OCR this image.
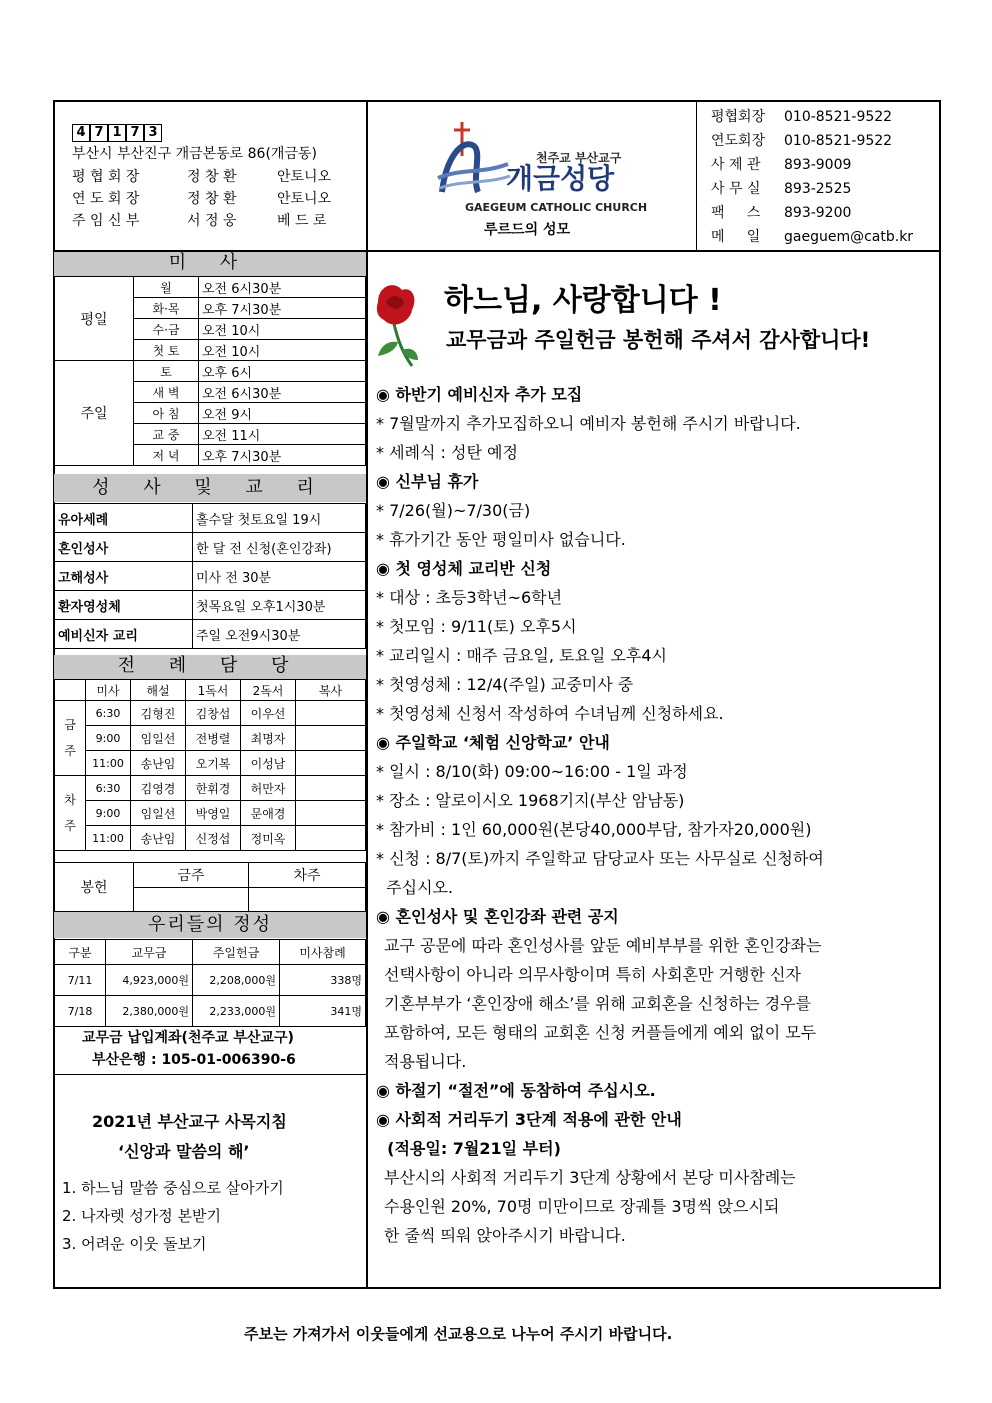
4 7 1 7 3
부산시 부산진구 개금본동로 86(개금동)
평 협 회 장	정 창 환	안토니오
연 도 회 장	정 창 환	안토니오
주 임 신 부	서 정 웅	베 드 로
천주교 부산교구
개금성당
GAEGEUM CATHOLIC CHURCH
루르드의 성모
평협회장	010-8521-9522
연도회장	010-8521-9522
사 제 관	893-9009
사 무 실	893-2525
팩     스	893-9200
메     일	gaeguem@catb.kr
미 사
평일	월	오전 6시30분
	화·목	오후 7시30분
	수·금	오전 10시
	첫 토	오전 10시
주일	토	오후 6시
	새 벽	오전 6시30분
	아 침	오전 9시
	교 중	오전 11시
	저 녁	오후 7시30분
성 사 및 교 리
유아세례	홀수달 첫토요일 19시
혼인성사	한 달 전 신청(혼인강좌)
고해성사	미사 전 30분
환자영성체	첫목요일 오후1시30분
예비신자 교리	주일 오전9시30분
전 례 담 당
	미사	해설	1독서	2독서	복사
금 주	6:30	김형진	김창섭	이우선	
	9:00	임일선	전병렬	최명자	
	11:00	송난임	오기복	이성남	
차 주	6:30	김영경	한휘경	허만자	
	9:00	임일선	박영일	문애경	
	11:00	송난임	신정섭	정미옥	
봉헌	금주	차주

우리들의 정성
구분	교무금	주일헌금	미사참례
7/11	4,923,000원	2,208,000원	338명
7/18	2,380,000원	2,233,000원	341명
교무금 납입계좌(천주교 부산교구)
부산은행 : 105-01-006390-6
2021년 부산교구 사목지침
‘신앙과 말씀의 해’
1. 하느님 말씀 중심으로 살아가기
2. 나자렛 성가정 본받기
3. 어려운 이웃 돌보기
하느님, 사랑합니다 !
교무금과 주일헌금 봉헌해 주셔서 감사합니다!
◉ 하반기 예비신자 추가 모집
* 7월말까지 추가모집하오니 예비자 봉헌해 주시기 바랍니다.
* 세례식 : 성탄 예정
◉ 신부님 휴가
* 7/26(월)~7/30(금)
* 휴가기간 동안 평일미사 없습니다.
◉ 첫 영성체 교리반 신청
* 대상 : 초등3학년~6학년
* 첫모임 : 9/11(토) 오후5시
* 교리일시 : 매주 금요일, 토요일 오후4시
* 첫영성체 : 12/4(주일) 교중미사 중
* 첫영성체 신청서 작성하여 수녀님께 신청하세요.
◉ 주일학교 ‘체험 신앙학교’ 안내
* 일시 : 8/10(화) 09:00~16:00 - 1일 과정
* 장소 : 알로이시오 1968기지(부산 암남동)
* 참가비 : 1인 60,000원(본당40,000부담, 참가자20,000원)
* 신청 : 8/7(토)까지 주일학교 담당교사 또는 사무실로 신청하여
주십시오.
◉ 혼인성사 및 혼인강좌 관련 공지
교구 공문에 따라 혼인성사를 앞둔 예비부부를 위한 혼인강좌는
선택사항이 아니라 의무사항이며 특히 사회혼만 거행한 신자
기혼부부가 ‘혼인장애 해소’를 위해 교회혼을 신청하는 경우를
포함하여, 모든 형태의 교회혼 신청 커플들에게 예외 없이 모두
적용됩니다.
◉ 하절기 “절전”에 동참하여 주십시오.
◉ 사회적 거리두기 3단계 적용에 관한 안내
(적용일: 7월21일 부터)
부산시의 사회적 거리두기 3단계 상황에서 본당 미사참례는
수용인원 20%, 70명 미만이므로 장궤틀 3명씩 앉으시되
한 줄씩 띄워 앉아주시기 바랍니다.
주보는 가져가서 이웃들에게 선교용으로 나누어 주시기 바랍니다.
